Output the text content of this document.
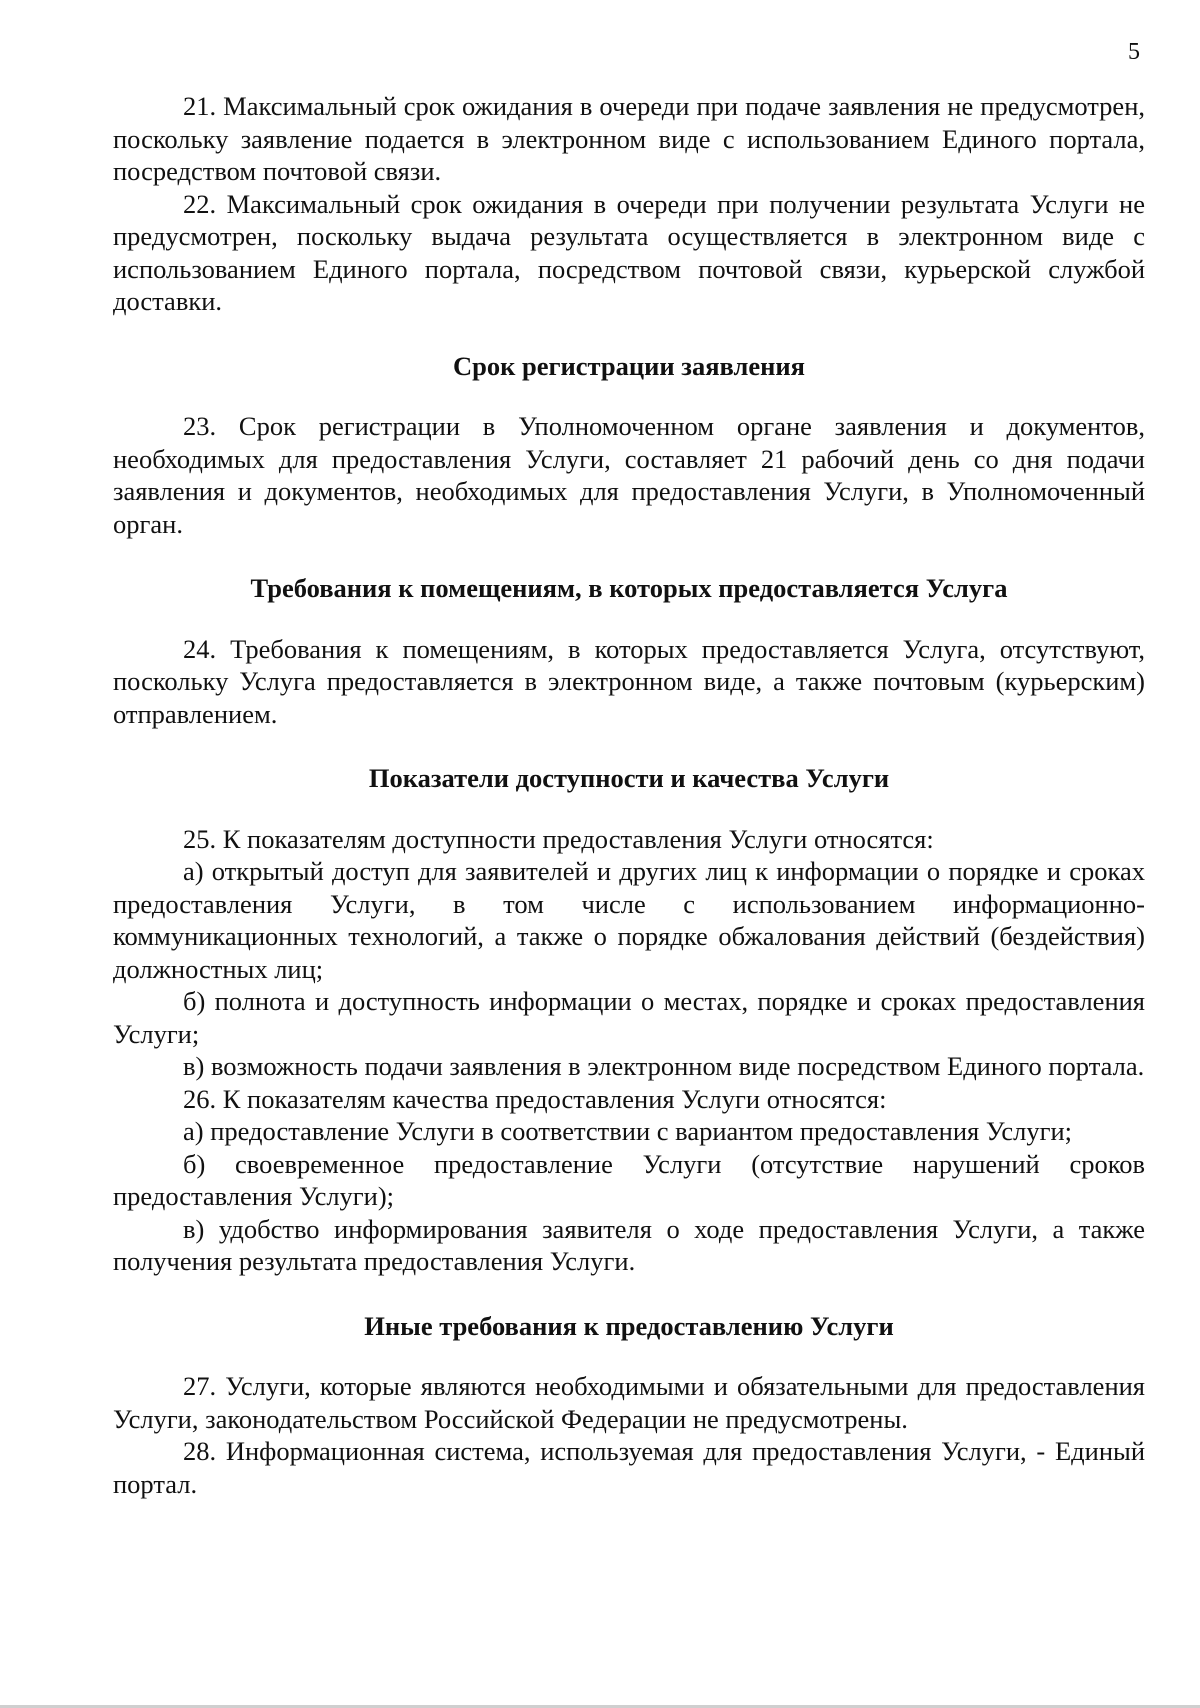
5

21. Максимальный срок ожидания в очереди при подаче заявления не предусмотрен, поскольку заявление подается в электронном виде с использованием Единого портала, посредством почтовой связи.

22. Максимальный срок ожидания в очереди при получении результата Услуги не предусмотрен, поскольку выдача результата осуществляется в электронном виде с использованием Единого портала, посредством почтовой связи, курьерской службой доставки.

Срок регистрации заявления

23. Срок регистрации в Уполномоченном органе заявления и документов, необходимых для предоставления Услуги, составляет 21 рабочий день со дня подачи заявления и документов, необходимых для предоставления Услуги, в Уполномоченный орган.

Требования к помещениям, в которых предоставляется Услуга

24. Требования к помещениям, в которых предоставляется Услуга, отсутствуют, поскольку Услуга предоставляется в электронном виде, а также почтовым (курьерским) отправлением.

Показатели доступности и качества Услуги

25. К показателям доступности предоставления Услуги относятся:

а) открытый доступ для заявителей и других лиц к информации о порядке и сроках предоставления Услуги, в том числе с использованием информационно-коммуникационных технологий, а также о порядке обжалования действий (бездействия) должностных лиц;

б) полнота и доступность информации о местах, порядке и сроках предоставления Услуги;

в) возможность подачи заявления в электронном виде посредством Единого портала.

26. К показателям качества предоставления Услуги относятся:

а) предоставление Услуги в соответствии с вариантом предоставления Услуги;

б) своевременное предоставление Услуги (отсутствие нарушений сроков предоставления Услуги);

в) удобство информирования заявителя о ходе предоставления Услуги, а также получения результата предоставления Услуги.

Иные требования к предоставлению Услуги

27. Услуги, которые являются необходимыми и обязательными для предоставления Услуги, законодательством Российской Федерации не предусмотрены.

28. Информационная система, используемая для предоставления Услуги, - Единый портал.
